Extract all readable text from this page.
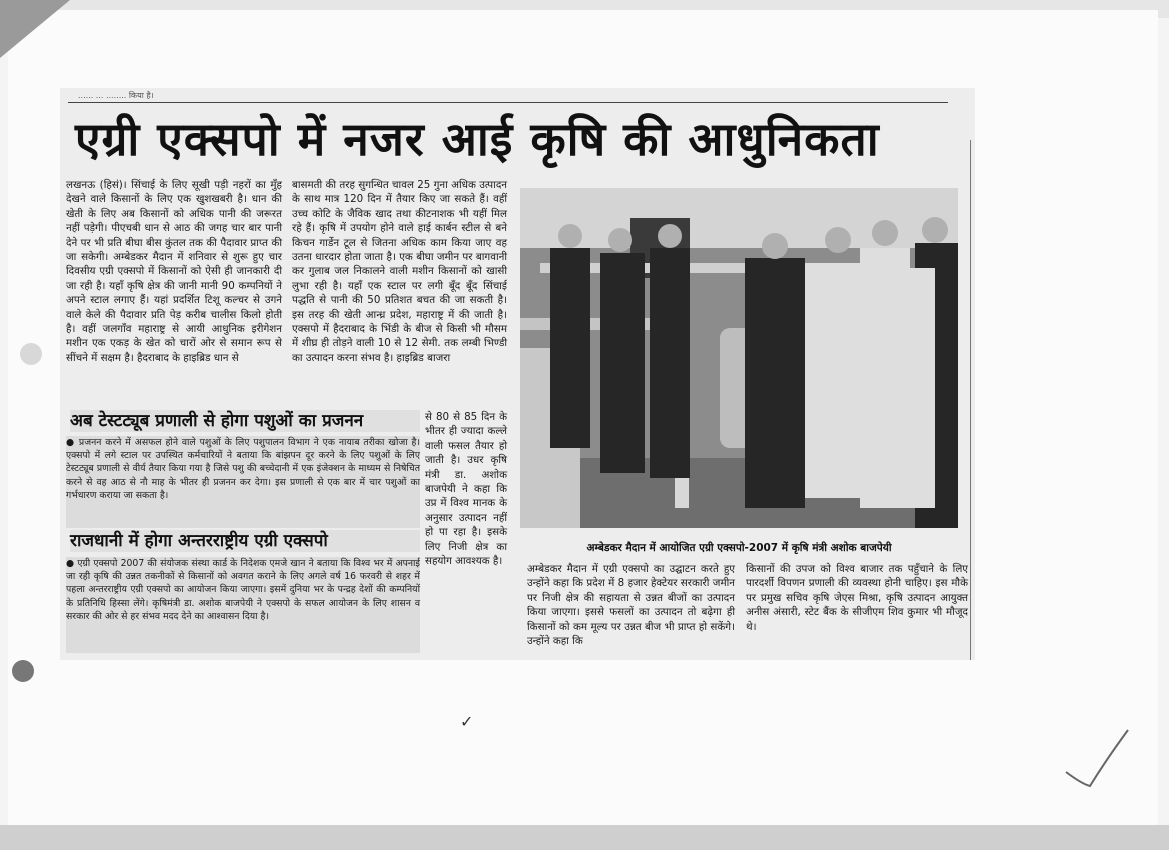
...... ... ........ किया है।
एग्री एक्सपो में नजर आई कृषि की आधुनिकता

लखनऊ (हिसं)। सिंचाई के लिए सूखी पड़ी नहरों का मुँह देखने वाले किसानों के लिए एक खुशखबरी है। धान की खेती के लिए अब किसानों को अधिक पानी की जरूरत नहीं पड़ेगी। पीएचबी धान से आठ की जगह चार बार पानी देने पर भी प्रति बीघा बीस कुंतल तक की पैदावार प्राप्त की जा सकेगी। अम्बेडकर मैदान में शनिवार से शुरू हुए चार दिवसीय एग्री एक्सपो में किसानों को ऐसी ही जानकारी दी जा रही है। यहाँ कृषि क्षेत्र की जानी मानी 90 कम्पनियों ने अपने स्टाल लगाए हैं। यहां प्रदर्शित टिशू कल्चर से उगने वाले केले की पैदावार प्रति पेड़ करीब चालीस किलो होती है। वहीं जलगाँव महाराष्ट्र से आयी आधुनिक इरीगेशन मशीन एक एकड़ के खेत को चारों ओर से समान रूप से सींचने में सक्षम है। हैदराबाद के हाइब्रिड धान से

बासमती की तरह सुगन्धित चावल 25 गुना अधिक उत्पादन के साथ मात्र 120 दिन में तैयार किए जा सकते हैं। वहीं उच्च कोटि के जैविक खाद तथा कीटनाशक भी यहीं मिल रहे हैं। कृषि में उपयोग होने वाले हाई कार्बन स्टील से बने किचन गार्डेन टूल से जितना अधिक काम किया जाए वह उतना धारदार होता जाता है। एक बीघा जमीन पर बागवानी कर गुलाब जल निकालने वाली मशीन किसानों को खासी लुभा रही है। यहाँ एक स्टाल पर लगी बूँद बूँद सिंचाई पद्धति से पानी की 50 प्रतिशत बचत की जा सकती है। इस तरह की खेती आन्ध्र प्रदेश, महाराष्ट्र में की जाती है। एक्सपो में हैदराबाद के भिंडी के बीज से किसी भी मौसम में शीघ्र ही तोड़ने वाली 10 से 12 सेमी. तक लम्बी भिण्डी का उत्पादन करना संभव है। हाइब्रिड बाजरा

से 80 से 85 दिन के भीतर ही ज्यादा कल्ले वाली फसल तैयार हो जाती है। उधर कृषि मंत्री डा. अशोक बाजपेयी ने कहा कि उप्र में विश्व मानक के अनुसार उत्पादन नहीं हो पा रहा है। इसके लिए निजी क्षेत्र का सहयोग आवश्यक है।

अब टेस्टट्यूब प्रणाली से होगा पशुओं का प्रजनन

● प्रजनन करने में असफल होने वाले पशुओं के लिए पशुपालन विभाग ने एक नायाब तरीका खोजा है। एक्सपो में लगे स्टाल पर उपस्थित कर्मचारियों ने बताया कि बांझपन दूर करने के लिए पशुओं के लिए टेस्टट्यूब प्रणाली से वीर्य तैयार किया गया है जिसे पशु की बच्चेदानी में एक इंजेक्शन के माध्यम से निषेचित करने से वह आठ से नौ माह के भीतर ही प्रजनन कर देगा। इस प्रणाली से एक बार में चार पशुओं का गर्भधारण कराया जा सकता है।

राजधानी में होगा अन्तरराष्ट्रीय एग्री एक्सपो

● एग्री एक्सपो 2007 की संयोजक संस्था कार्ड के निदेशक एमजे खान ने बताया कि विश्व भर में अपनाई जा रही कृषि की उन्नत तकनीकों से किसानों को अवगत कराने के लिए अगले वर्ष 16 फरवरी से शहर में पहला अन्तरराष्ट्रीय एग्री एक्सपो का आयोजन किया जाएगा। इसमें दुनिया भर के पन्द्रह देशों की कम्पनियों के प्रतिनिधि हिस्सा लेंगे। कृषिमंत्री डा. अशोक बाजपेयी ने एक्सपो के सफल आयोजन के लिए शासन व सरकार की ओर से हर संभव मदद देने का आश्वासन दिया है।

अम्बेडकर मैदान में आयोजित एग्री एक्सपो-2007 में कृषि मंत्री अशोक बाजपेयी

अम्बेडकर मैदान में एग्री एक्सपो का उद्घाटन करते हुए उन्होंने कहा कि प्रदेश में 8 हजार हेक्टेयर सरकारी जमीन पर निजी क्षेत्र की सहायता से उन्नत बीजों का उत्पादन किया जाएगा। इससे फसलों का उत्पादन तो बढ़ेगा ही किसानों को कम मूल्य पर उन्नत बीज भी प्राप्त हो सकेंगे। उन्होंने कहा कि

किसानों की उपज को विश्व बाजार तक पहुँचाने के लिए पारदर्शी विपणन प्रणाली की व्यवस्था होनी चाहिए। इस मौके पर प्रमुख सचिव कृषि जेएस मिश्रा, कृषि उत्पादन आयुक्त अनीस अंसारी, स्टेट बैंक के सीजीएम शिव कुमार भी मौजूद थे।

✓
